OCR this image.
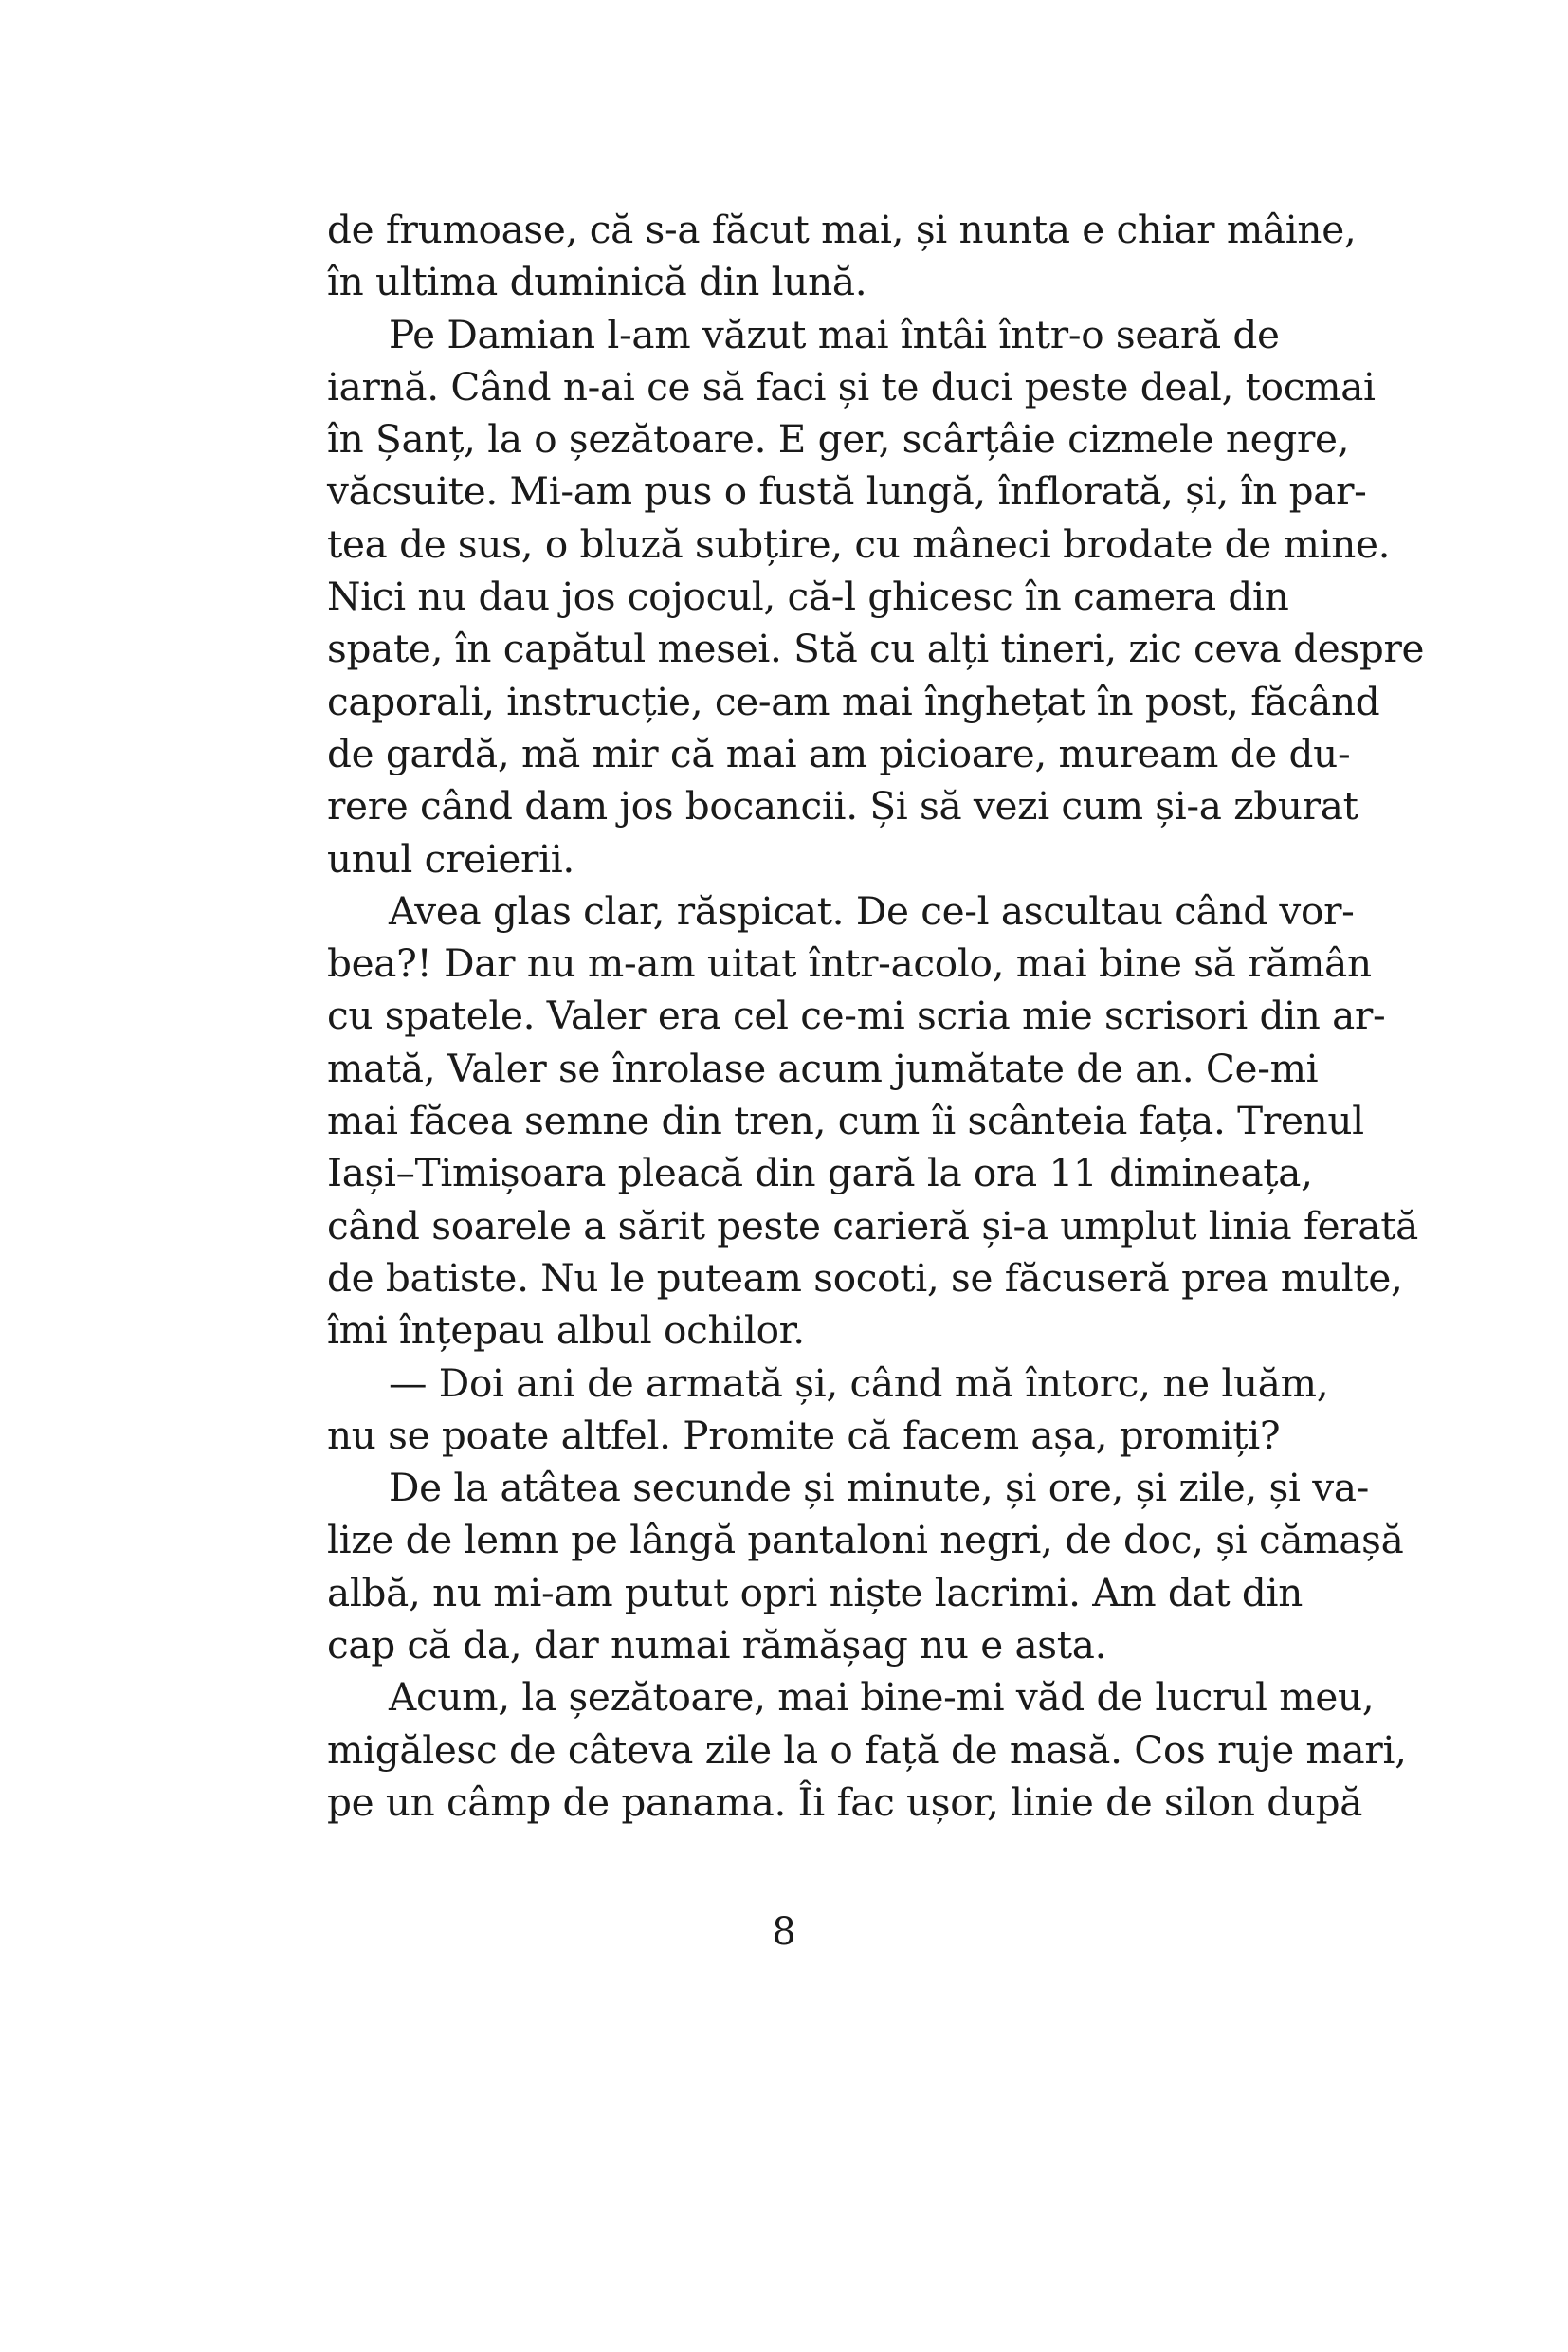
de frumoase, că s-a făcut mai, și nunta e chiar mâine,

în ultima duminică din lună.

Pe Damian l-am văzut mai întâi într-o seară de

iarnă. Când n-ai ce să faci și te duci peste deal, tocmai

în Șanț, la o șezătoare. E ger, scârțâie cizmele negre,

văcsuite. Mi-am pus o fustă lungă, înflorată, și, în par-

tea de sus, o bluză subțire, cu mâneci brodate de mine.

Nici nu dau jos cojocul, că-l ghicesc în camera din

spate, în capătul mesei. Stă cu alți tineri, zic ceva despre

caporali, instrucție, ce-am mai înghețat în post, făcând

de gardă, mă mir că mai am picioare, muream de du-

rere când dam jos bocancii. Și să vezi cum și-a zburat

unul creierii.

Avea glas clar, răspicat. De ce-l ascultau când vor-

bea?! Dar nu m-am uitat într-acolo, mai bine să rămân

cu spatele. Valer era cel ce-mi scria mie scrisori din ar-

mată, Valer se înrolase acum jumătate de an. Ce-mi

mai făcea semne din tren, cum îi scânteia fața. Trenul

Iași–Timișoara pleacă din gară la ora 11 dimineața,

când soarele a sărit peste carieră și-a umplut linia ferată

de batiste. Nu le puteam socoti, se făcuseră prea multe,

îmi înțepau albul ochilor.

— Doi ani de armată și, când mă întorc, ne luăm,

nu se poate altfel. Promite că facem așa, promiți?

De la atâtea secunde și minute, și ore, și zile, și va-

lize de lemn pe lângă pantaloni negri, de doc, și cămașă

albă, nu mi-am putut opri niște lacrimi. Am dat din

cap că da, dar numai rămășag nu e asta.

Acum, la șezătoare, mai bine-mi văd de lucrul meu,

migălesc de câteva zile la o față de masă. Cos ruje mari,

pe un câmp de panama. Îi fac ușor, linie de silon după

8
